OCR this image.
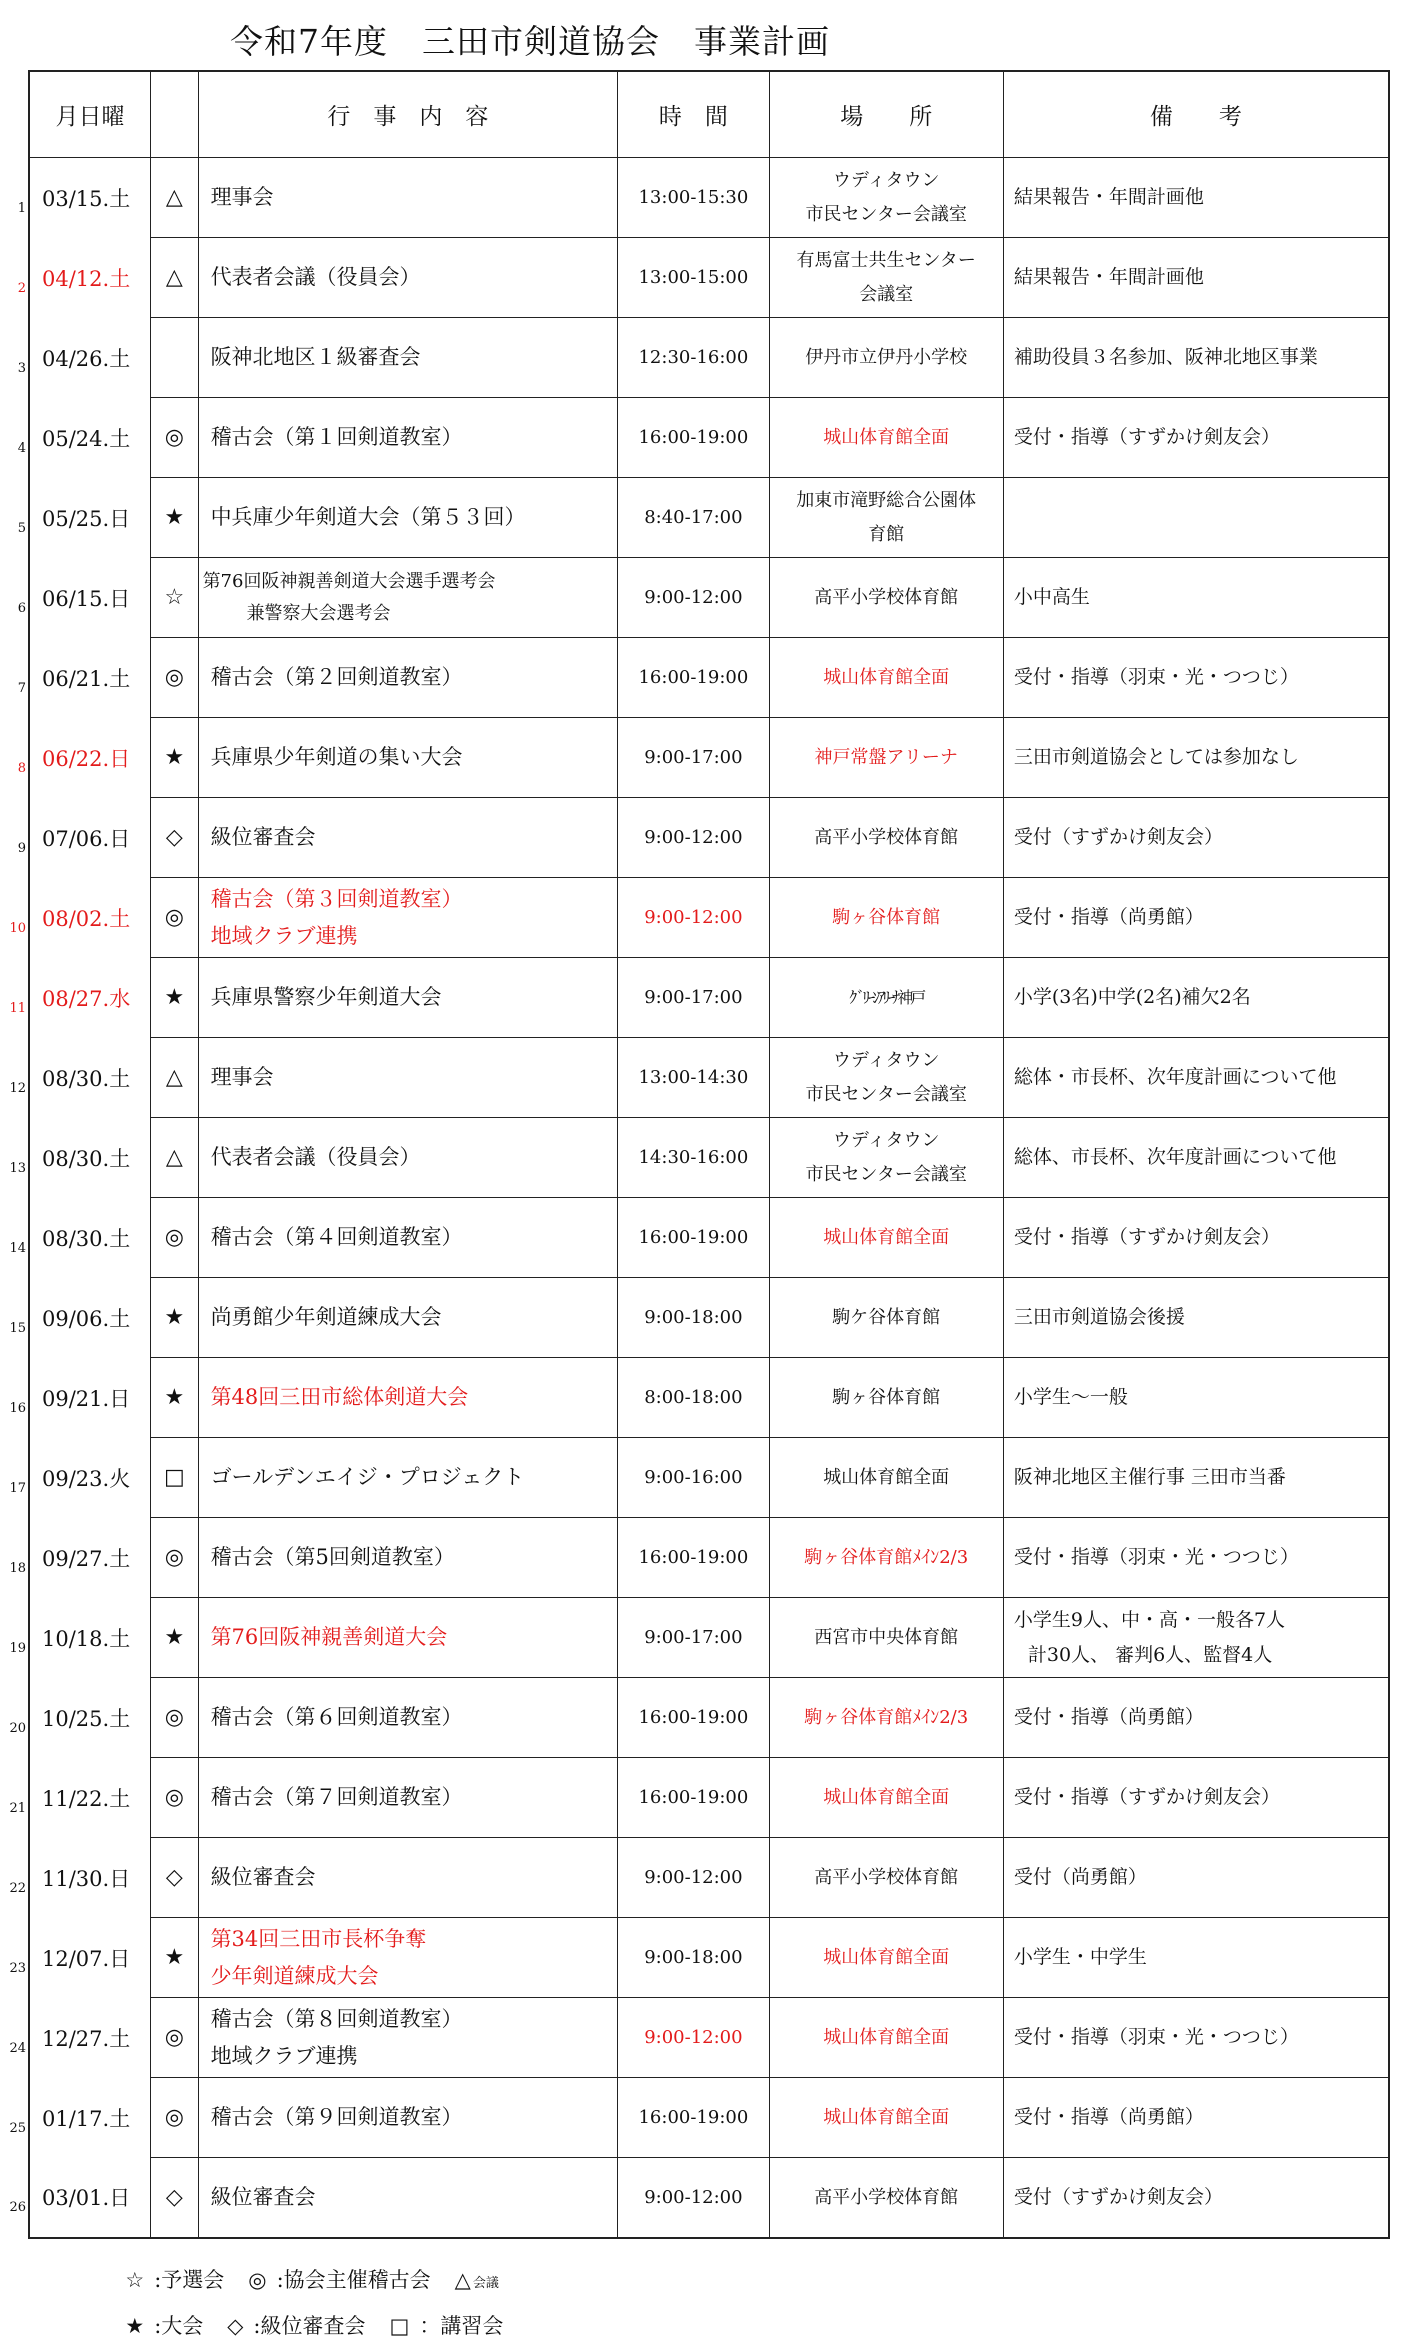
令和7年度　三田市剣道協会　事業計画
月日曜		行　事　内　容	時　間	場　　所	備　　考

1 03/15.土	△	理事会	13:00-15:30	ウディタウン
市民センター会議室	結果報告・年間計画他

2 04/12.土	△	代表者会議（役員会）	13:00-15:00	有馬富士共生センター
会議室	結果報告・年間計画他

3 04/26.土		阪神北地区１級審査会	12:30-16:00	伊丹市立伊丹小学校	補助役員３名参加、阪神北地区事業

4 05/24.土	◎	稽古会（第１回剣道教室）	16:00-19:00	城山体育館全面	受付・指導（すずかけ剣友会）

5 05/25.日	★	中兵庫少年剣道大会（第５３回）	8:40-17:00	加東市滝野総合公園体
育館	

6 06/15.日	☆	第76回阪神親善剣道大会選手選考会
兼警察大会選考会	9:00-12:00	高平小学校体育館	小中高生

7 06/21.土	◎	稽古会（第２回剣道教室）	16:00-19:00	城山体育館全面	受付・指導（羽束・光・つつじ）

8 06/22.日	★	兵庫県少年剣道の集い大会	9:00-17:00	神戸常盤アリーナ	三田市剣道協会としては参加なし

9 07/06.日	◇	級位審査会	9:00-12:00	高平小学校体育館	受付（すずかけ剣友会）

10 08/02.土	◎	稽古会（第３回剣道教室）
地域クラブ連携	9:00-12:00	駒ヶ谷体育館	受付・指導（尚勇館）

11 08/27.水	★	兵庫県警察少年剣道大会	9:00-17:00	ｸﾞﾘｰﾝｱﾘｰﾅ神戸	小学(3名)中学(2名)補欠2名

12 08/30.土	△	理事会	13:00-14:30	ウディタウン
市民センター会議室	総体・市長杯、次年度計画について他

13 08/30.土	△	代表者会議（役員会）	14:30-16:00	ウディタウン
市民センター会議室	総体、市長杯、次年度計画について他

14 08/30.土	◎	稽古会（第４回剣道教室）	16:00-19:00	城山体育館全面	受付・指導（すずかけ剣友会）

15 09/06.土	★	尚勇館少年剣道練成大会	9:00-18:00	駒ケ谷体育館	三田市剣道協会後援

16 09/21.日	★	第48回三田市総体剣道大会	8:00-18:00	駒ヶ谷体育館	小学生～一般

17 09/23.火	□	ゴールデンエイジ・プロジェクト	9:00-16:00	城山体育館全面	阪神北地区主催行事 三田市当番

18 09/27.土	◎	稽古会（第5回剣道教室）	16:00-19:00	駒ヶ谷体育館ﾒｲﾝ2/3	受付・指導（羽束・光・つつじ）

19 10/18.土	★	第76回阪神親善剣道大会	9:00-17:00	西宮市中央体育館	小学生9人、中・高・一般各7人
計30人、 審判6人、監督4人

20 10/25.土	◎	稽古会（第６回剣道教室）	16:00-19:00	駒ヶ谷体育館ﾒｲﾝ2/3	受付・指導（尚勇館）

21 11/22.土	◎	稽古会（第７回剣道教室）	16:00-19:00	城山体育館全面	受付・指導（すずかけ剣友会）

22 11/30.日	◇	級位審査会	9:00-12:00	高平小学校体育館	受付（尚勇館）

23 12/07.日	★	第34回三田市長杯争奪
少年剣道練成大会	9:00-18:00	城山体育館全面	小学生・中学生

24 12/27.土	◎	稽古会（第８回剣道教室）
地域クラブ連携	9:00-12:00	城山体育館全面	受付・指導（羽束・光・つつじ）

25 01/17.土	◎	稽古会（第９回剣道教室）	16:00-19:00	城山体育館全面	受付・指導（尚勇館）

26 03/01.日	◇	級位審査会	9:00-12:00	高平小学校体育館	受付（すずかけ剣友会）

☆ :予選会 ◎ :協会主催稽古会 △ 会議

★ :大会 ◇ :級位審査会 □ ：講習会
